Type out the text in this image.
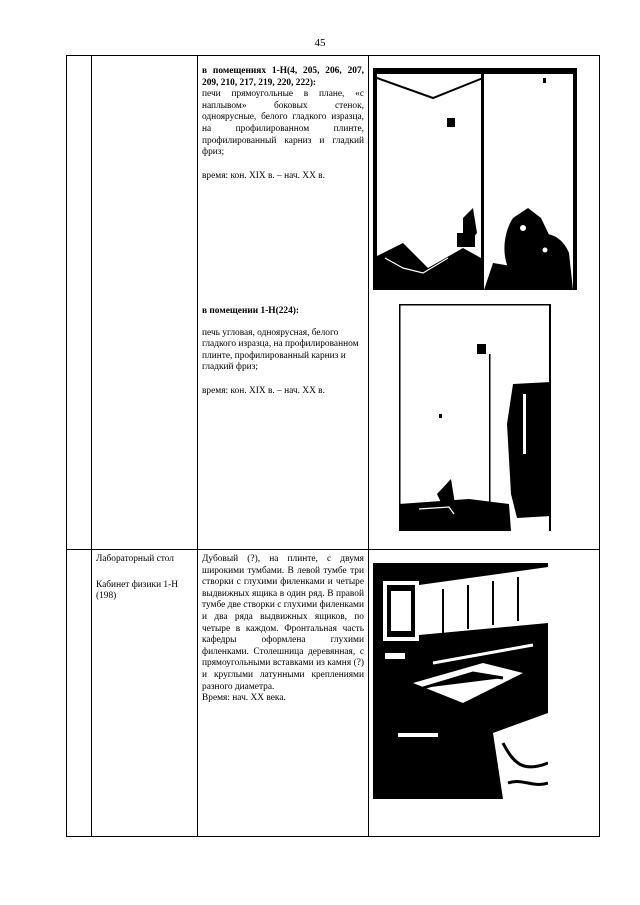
45

в помещениях 1-Н(4, 205, 206, 207, 209, 210, 217, 219, 220, 222):

печи прямоугольные в плане, «с наплывом» боковых стенок, одноярусные, белого гладкого изразца, на профилированном плинте, профилированный карниз и гладкий фриз;

время: кон. XIX в. – нач. XX в.

в помещении 1-Н(224):

печь угловая, одноярусная, белого гладкого изразца, на профилированном плинте, профилированный карниз и гладкий фриз;

время: кон. XIX в. – нач. XX в.

Лабораторный стол

Кабинет физики 1-Н (198)

Дубовый (?), на плинте, с двумя широкими тумбами. В левой тумбе три створки с глухими филенками и четыре выдвижных ящика в один ряд. В правой тумбе две створки с глухими филенками и два ряда выдвижных ящиков, по четыре в каждом. Фронтальная часть кафедры оформлена глухими филенками. Столешница деревянная, с прямоугольными вставками из камня (?) и круглыми латунными креплениями разного диаметра.

Время: нач. XX века.
